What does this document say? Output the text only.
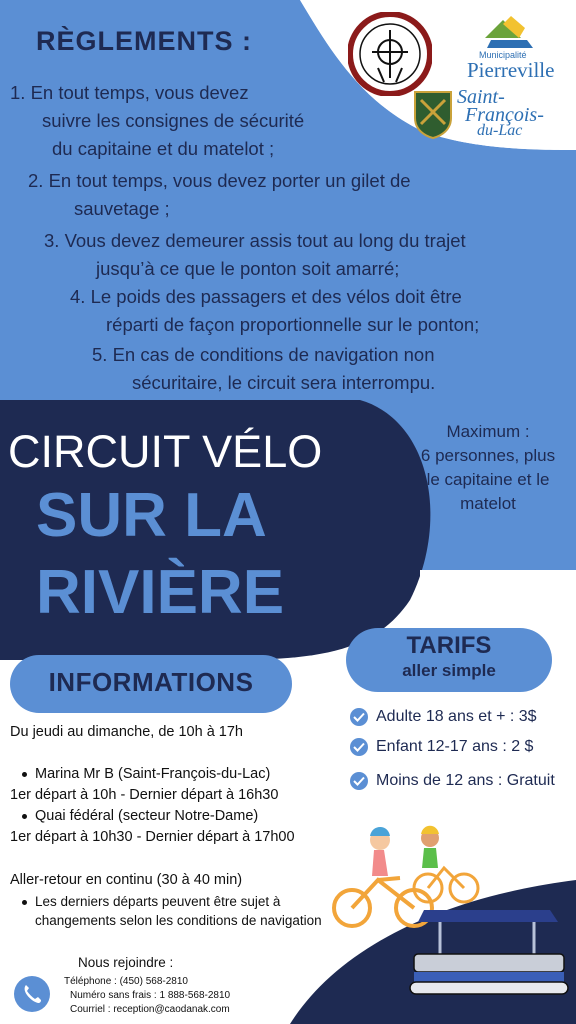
RÈGLEMENTS :	Municipalité
Pierreville
Saint-
François-
du-Lac
1. En tout temps, vous devez
suivre les consignes de sécurité
du capitaine et du matelot ;
2. En tout temps, vous devez porter un gilet de
sauvetage ;
3. Vous devez demeurer assis tout au long du trajet
jusqu’à ce que le ponton soit amarré;
4. Le poids des passagers et des vélos doit être
réparti de façon proportionnelle sur le ponton;
5. En cas de conditions de navigation non
sécuritaire, le circuit sera interrompu.
CIRCUIT VÉLO
SUR LA
RIVIÈRE
Maximum :
6 personnes, plus
le capitaine et le
matelot
TARIFS
aller simple
INFORMATIONS
Adulte 18 ans et + : 3$
Enfant 12-17 ans : 2 $
Moins de 12 ans : Gratuit
Du jeudi au dimanche, de 10h à 17h
Marina Mr B (Saint-François-du-Lac)
1er départ à 10h - Dernier départ à 16h30
Quai fédéral (secteur Notre-Dame)
1er départ à 10h30 - Dernier départ à 17h00
Aller-retour en continu (30 à 40 min)
Les derniers départs peuvent être sujet à
changements selon les conditions de navigation
Nous rejoindre :
Téléphone : (450) 568-2810
Numéro sans frais : 1 888-568-2810
Courriel : reception@caodanak.com
